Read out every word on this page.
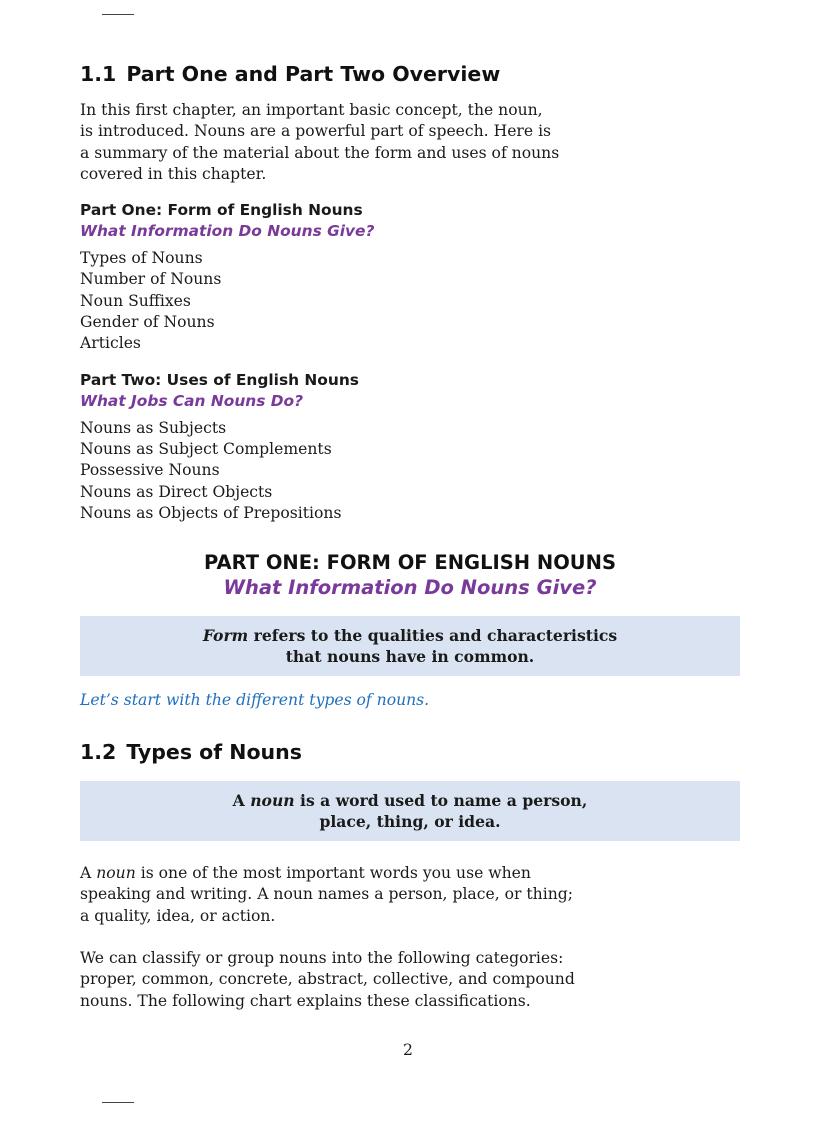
1.1 Part One and Part Two Overview

In this first chapter, an important basic concept, the noun,

is introduced. Nouns are a powerful part of speech. Here is

a summary of the material about the form and uses of nouns

covered in this chapter.

Part One: Form of English Nouns

What Information Do Nouns Give?

Types of Nouns
Number of Nouns
Noun Suffixes
Gender of Nouns
Articles

Part Two: Uses of English Nouns

What Jobs Can Nouns Do?

Nouns as Subjects
Nouns as Subject Complements
Possessive Nouns
Nouns as Direct Objects
Nouns as Objects of Prepositions

PART ONE: FORM OF ENGLISH NOUNS

What Information Do Nouns Give?

Form refers to the qualities and characteristics
that nouns have in common.

Let’s start with the different types of nouns.

1.2 Types of Nouns
A noun is a word used to name a person,
place, thing, or idea.

A noun is one of the most important words you use when

speaking and writing. A noun names a person, place, or thing;

a quality, idea, or action.

We can classify or group nouns into the following categories:

proper, common, concrete, abstract, collective, and compound

nouns. The following chart explains these classifications.

2
